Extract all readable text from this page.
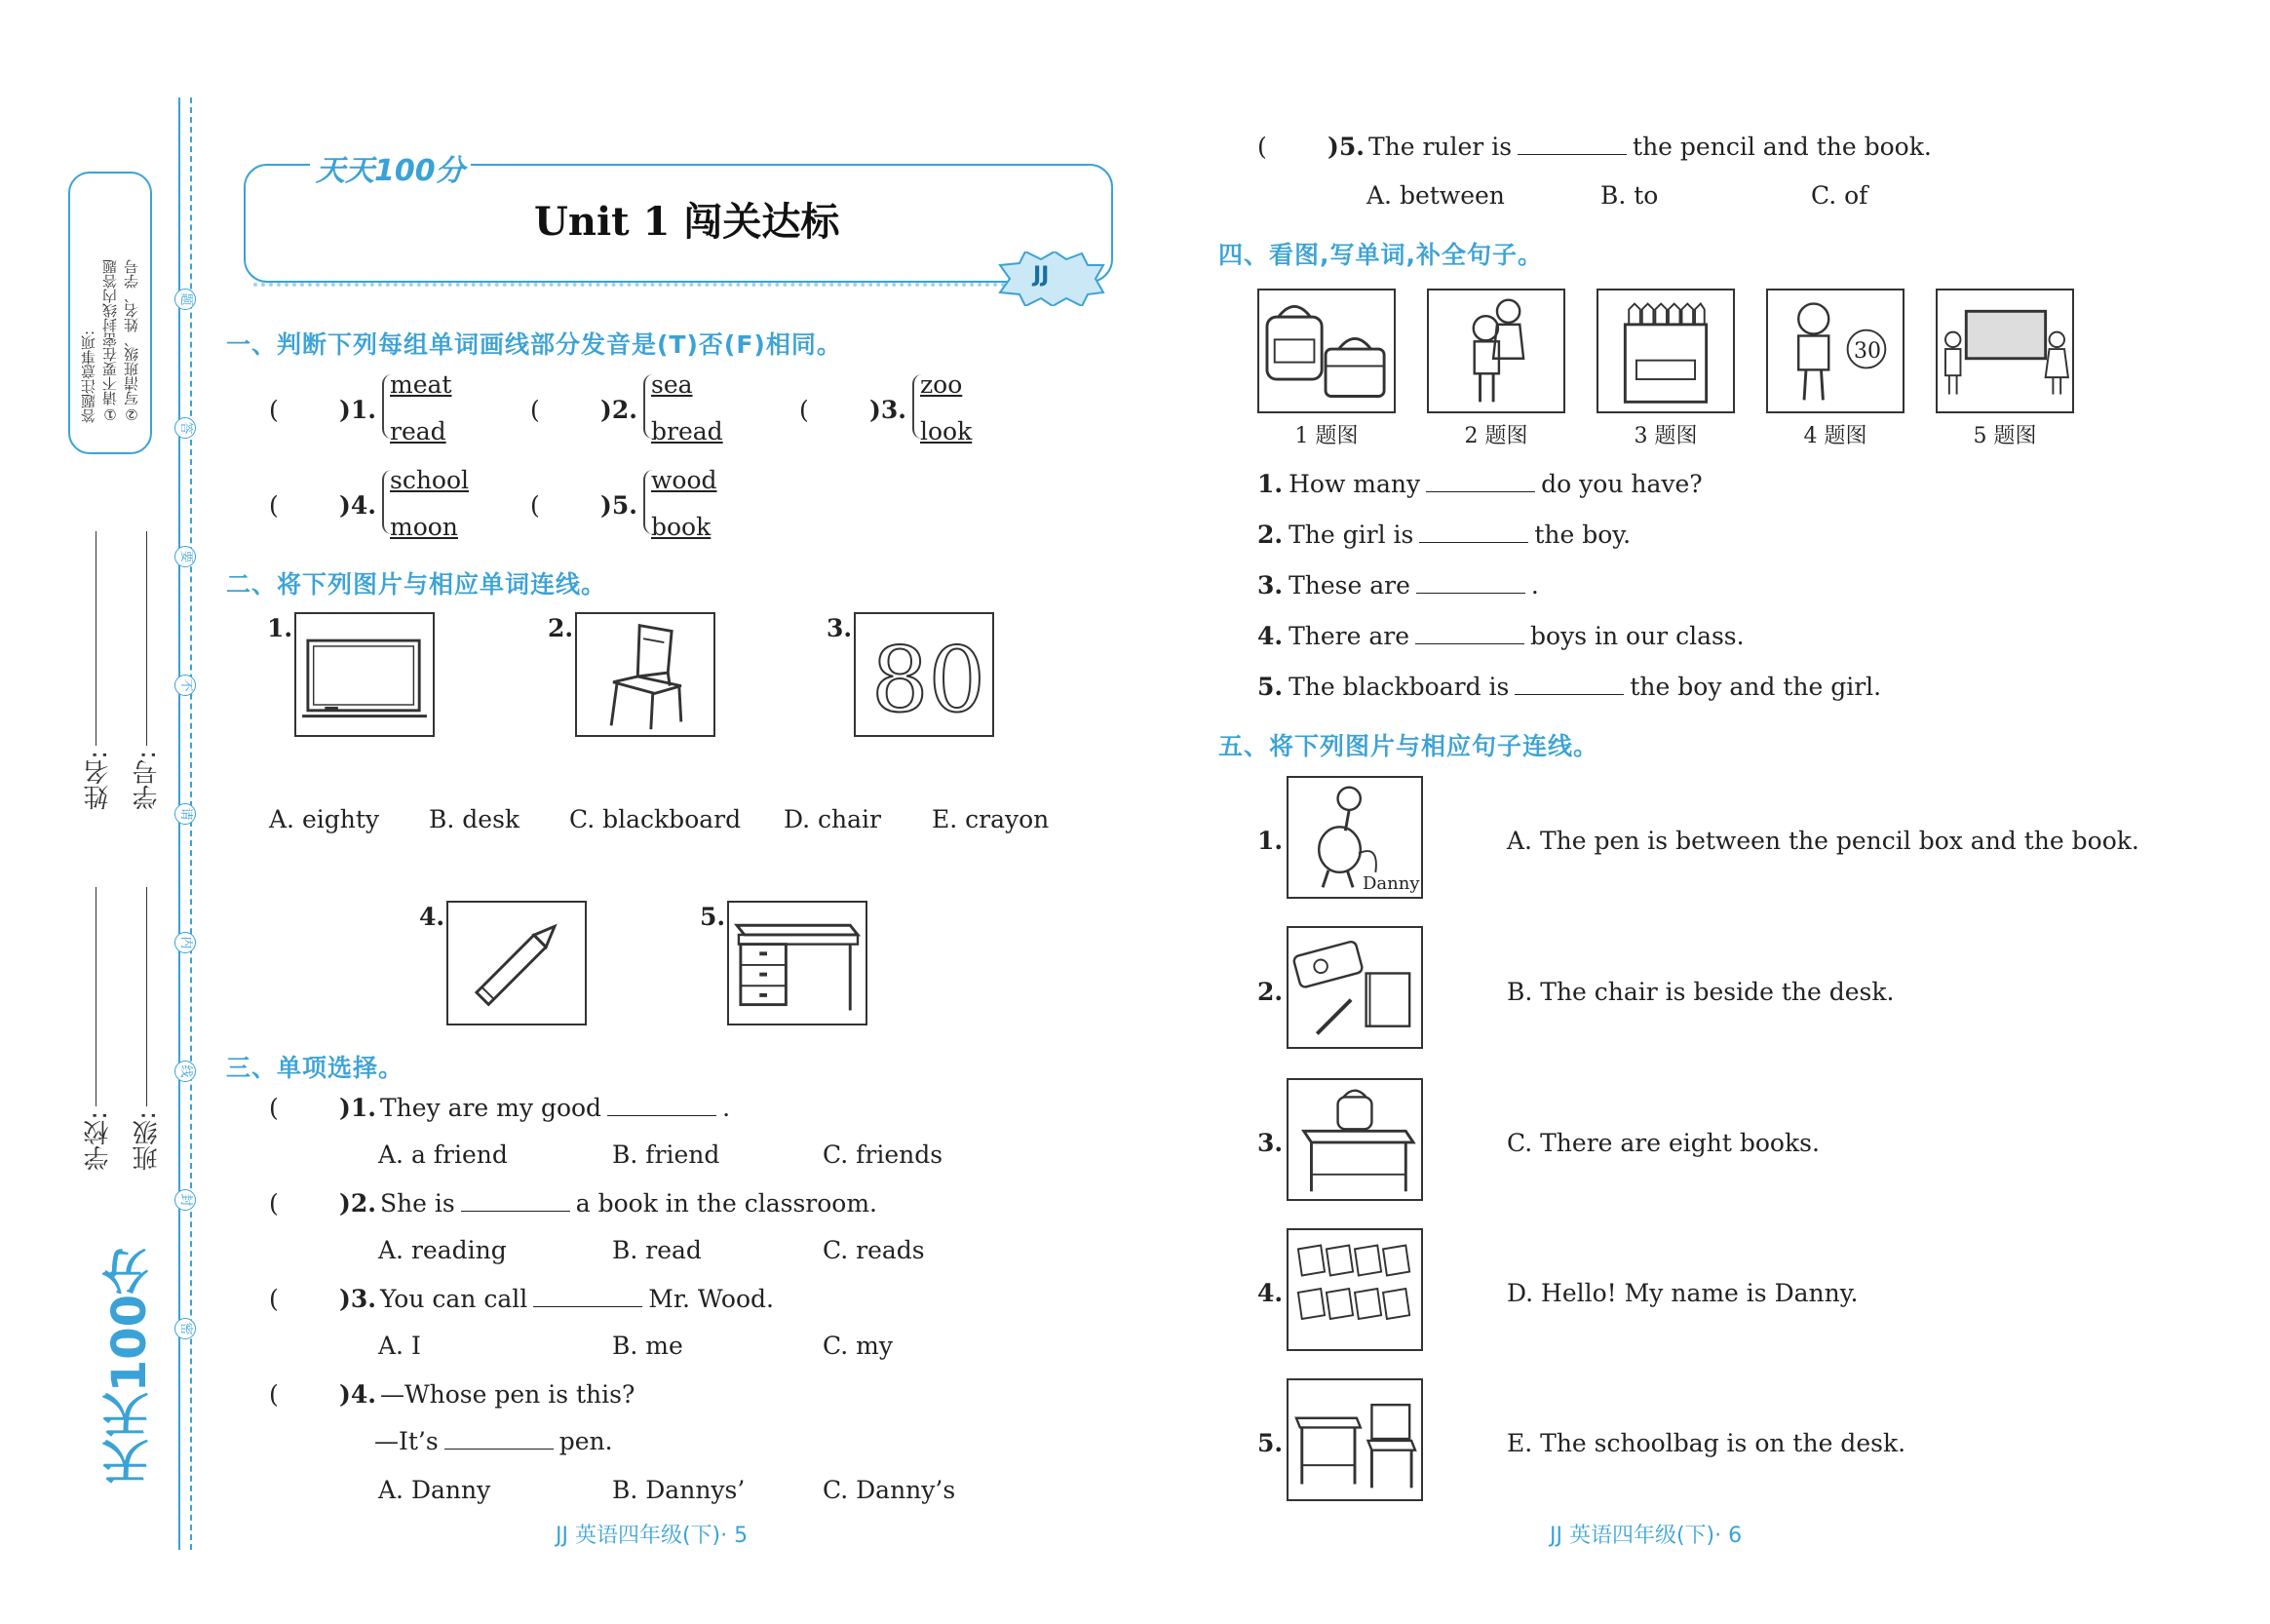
答题注意事项: ①请不要在密封线内答题 ②写清班级、姓名、学号	题
答
要
不
请
内
线
封
密
姓名: 学号:
学校: 班级:
天天100分
天天100分
Unit 1 闯关达标
JJ
一、判断下列每组单词画线部分发音是(T)否(F)相同。
( )1.
meat
read
( )2.
sea
bread
( )3.
zoo
look
( )4.
school
moon
( )5.
wood
book
二、将下列图片与相应单词连线。
1.	2.	3. 80
A. eighty B. desk C. blackboard D. chair E. crayon
4.	5.
三、单项选择。
( )1. They are my good	.
A. a friend	B. friend	C. friends
( )2. She is	a book in the classroom.
A. reading	B. read	C. reads
( )3. You can call	Mr. Wood.
A. I	B. me	C. my
( )4. —Whose pen is this?
—It’s	pen.
A. Danny	B. Dannys’	C. Danny’s
( )5. The ruler is	the pencil and the book.
A. between	B. to	C. of
四、看图,写单词,补全句子。
30
1 题图	2 题图	3 题图	4 题图	5 题图
1. How many	do you have?
2. The girl is	the boy.
3. These are	.
4. There are	boys in our class.
5. The blackboard is	the boy and the girl.
五、将下列图片与相应句子连线。
1.
Danny
2.
3.
4.
5.
A. The pen is between the pencil box and the book.
B. The chair is beside the desk.
C. There are eight books.
D. Hello! My name is Danny.
E. The schoolbag is on the desk.
JJ 英语四年级(下)· 5	JJ 英语四年级(下)· 6
